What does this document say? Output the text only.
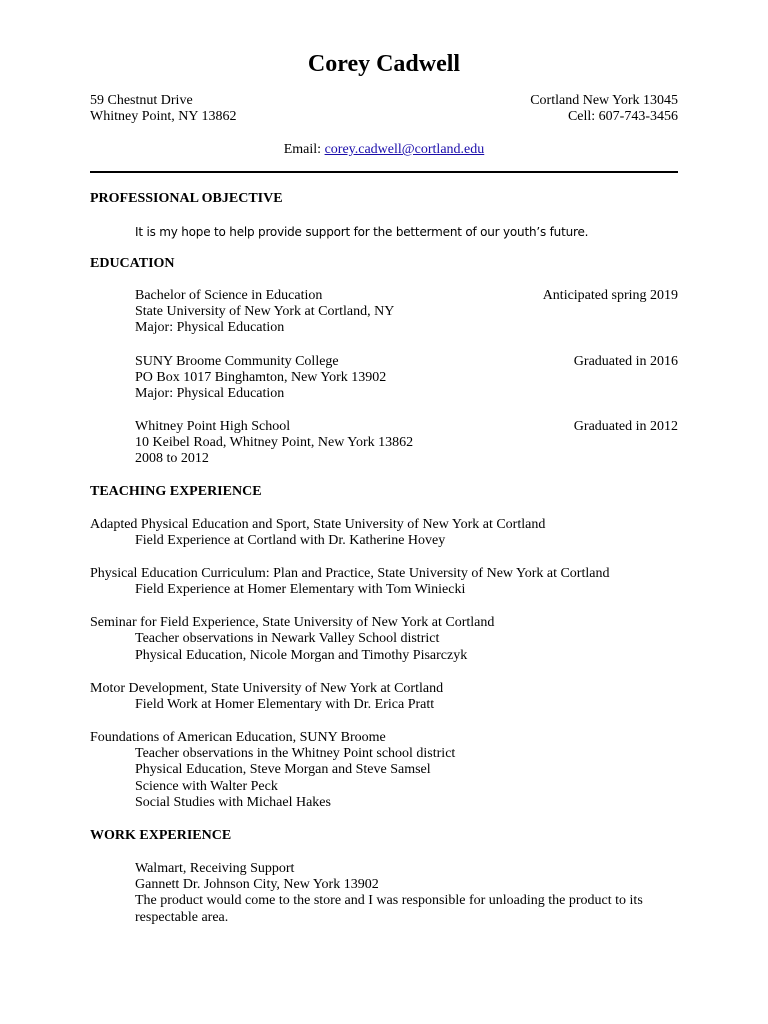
Corey Cadwell
59 Chestnut Drive
Whitney Point, NY 13862
Cortland New York 13045
Cell: 607-743-3456
Email: corey.cadwell@cortland.edu
PROFESSIONAL OBJECTIVE
It is my hope to help provide support for the betterment of our youth’s future.
EDUCATION
Bachelor of Science in Education	Anticipated spring 2019
State University of New York at Cortland, NY
Major: Physical Education
SUNY Broome Community College	Graduated in 2016
PO Box 1017 Binghamton, New York 13902
Major: Physical Education
Whitney Point High School	Graduated in 2012
10 Keibel Road, Whitney Point, New York 13862
2008 to 2012
TEACHING EXPERIENCE
Adapted Physical Education and Sport, State University of New York at Cortland
Field Experience at Cortland with Dr. Katherine Hovey
Physical Education Curriculum: Plan and Practice, State University of New York at Cortland
Field Experience at Homer Elementary with Tom Winiecki
Seminar for Field Experience, State University of New York at Cortland
Teacher observations in Newark Valley School district
Physical Education, Nicole Morgan and Timothy Pisarczyk
Motor Development, State University of New York at Cortland
Field Work at Homer Elementary with Dr. Erica Pratt
Foundations of American Education, SUNY Broome
Teacher observations in the Whitney Point school district
Physical Education, Steve Morgan and Steve Samsel
Science with Walter Peck
Social Studies with Michael Hakes
WORK EXPERIENCE
Walmart, Receiving Support
Gannett Dr. Johnson City, New York 13902
The product would come to the store and I was responsible for unloading the product to its
respectable area.
